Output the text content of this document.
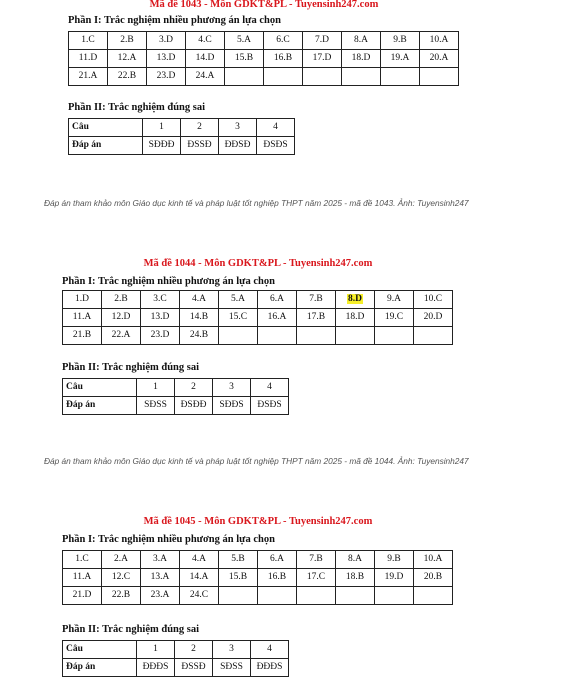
Mã đề 1043 - Môn GDKT&PL - Tuyensinh247.com
Phần I: Trắc nghiệm nhiều phương án lựa chọn
1.C	2.B	3.D	4.C	5.A	6.C	7.D	8.A	9.B	10.A
11.D	12.A	13.D	14.D	15.B	16.B	17.D	18.D	19.A	20.A
21.A	22.B	23.D	24.A						
Phần II: Trắc nghiệm đúng sai
Câu	1	2	3	4
Đáp án	SĐĐĐ	ĐSSĐ	ĐĐSĐ	ĐSĐS
Đáp án tham khảo môn Giáo dục kinh tế và pháp luật tốt nghiệp THPT năm 2025 - mã đề 1043. Ảnh: Tuyensinh247
Mã đề 1044 - Môn GDKT&PL - Tuyensinh247.com
Phần I: Trắc nghiệm nhiều phương án lựa chọn
1.D	2.B	3.C	4.A	5.A	6.A	7.B	8.D	9.A	10.C
11.A	12.D	13.D	14.B	15.C	16.A	17.B	18.D	19.C	20.D
21.B	22.A	23.D	24.B						
Phần II: Trắc nghiệm đúng sai
Câu	1	2	3	4
Đáp án	SĐSS	ĐSĐĐ	SĐĐS	ĐSĐS
Đáp án tham khảo môn Giáo dục kinh tế và pháp luật tốt nghiệp THPT năm 2025 - mã đề 1044. Ảnh: Tuyensinh247
Mã đề 1045 - Môn GDKT&PL - Tuyensinh247.com
Phần I: Trắc nghiệm nhiều phương án lựa chọn
1.C	2.A	3.A	4.A	5.B	6.A	7.B	8.A	9.B	10.A
11.A	12.C	13.A	14.A	15.B	16.B	17.C	18.B	19.D	20.B
21.D	22.B	23.A	24.C						
Phần II: Trắc nghiệm đúng sai
Câu	1	2	3	4
Đáp án	ĐĐĐS	ĐSSĐ	SĐSS	ĐĐĐS
